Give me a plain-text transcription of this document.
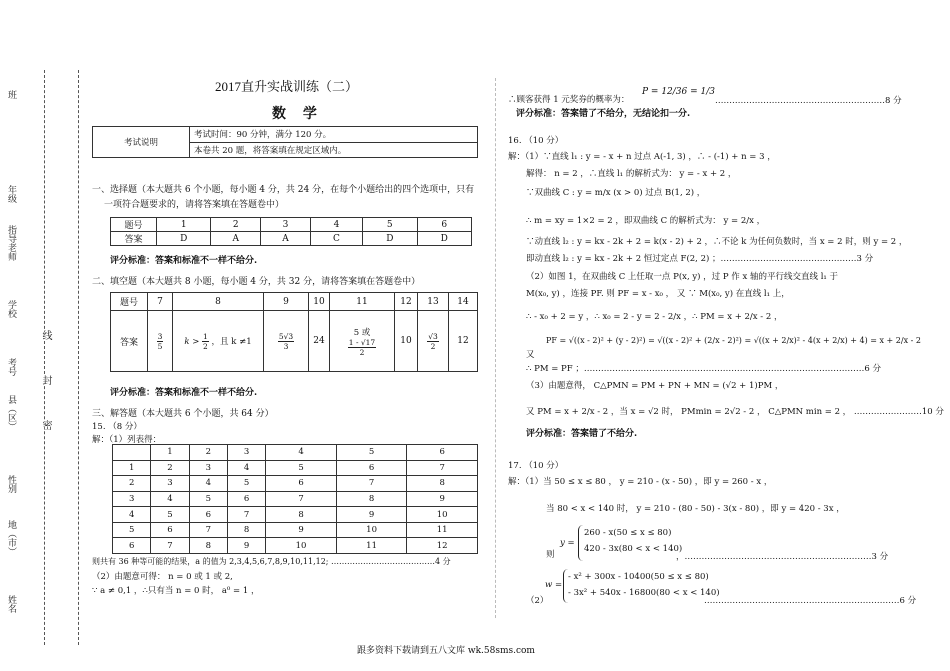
班
年级
指导老师
学校
考号
县（区）
性别
地（市）
姓名
线
封
密
2017直升实战训练（二）
数 学
考试说明	考试时间：90 分钟，满分 120 分。
本卷共 20 题，将答案填在规定区域内。
一、选择题（本大题共 6 个小题，每小题 4 分，共 24 分，在每个小题给出的四个选项中，只有
一项符合题要求的，请将答案填在答题卷中）
题号	1	2	3	4	5	6
答案	D	A	A	C	D	D
评分标准：答案和标准不一样不给分.
二、填空题（本大题共 8 小题，每小题 4 分，共 32 分，请将答案填在答题卷中）
题号	7	8	9	10	11	12	13	14
答案	$\frac{3}{5}$	$k > \frac{1}{2}$ ，且 k ≠1	$\frac{5√3}{3}$	24	5 或
$\frac{1 - √17}{2}$	10	$\frac{√3}{2}$	12
评分标准：答案和标准不一样不给分.
三、解答题（本大题共 6 个小题，共 64 分）
15. （8 分）
解：（1）列表得：
	1	2	3	4	5	6
1	2	3	4	5	6	7
2	3	4	5	6	7	8
3	4	5	6	7	8	9
4	5	6	7	8	9	10
5	6	7	8	9	10	11
6	7	8	9	10	11	12
则共有 36 种等可能的结果，a 的值为 2,3,4,5,6,7,8,9,10,11,12; …………………………………4 分
（2）由题意可得： n = 0 或 1 或 2,
∵ a ≠ 0,1 ，∴只有当 n = 0 时， a⁰ = 1 ，
∴顾客获得 1 元奖券的概率为：
P = 12/36 = 1/3
……………………………………………………8 分
评分标准：答案错了不给分，无结论扣一分.
16. （10 分）
解：（1）∵直线 l₁ : y = - x + n 过点 A(-1, 3) ，∴ - (-1) + n = 3 ，
解得： n = 2 ，∴直线 l₁ 的解析式为： y = - x + 2 ，
∵双曲线 C : y = m/x (x > 0) 过点 B(1, 2) ，
∴ m = xy = 1×2 = 2 ，即双曲线 C 的解析式为： y = 2/x ，
∵动直线 l₂ : y = kx - 2k + 2 = k(x - 2) + 2 ，∴不论 k 为任何负数时，当 x = 2 时，则 y = 2 ，
即动直线 l₂ : y = kx - 2k + 2 恒过定点 F(2, 2) ；…………………………………………3 分
（2）如图 1，在双曲线 C 上任取一点 P(x, y) ，过 P 作 x 轴的平行线交直线 l₁ 于
M(x₀, y) ，连接 PF. 则 PF = x - x₀ ， 又 ∵ M(x₀, y) 在直线 l₁ 上，
∴ - x₀ + 2 = y ，∴ x₀ = 2 - y = 2 - 2/x ，∴ PM = x + 2/x - 2 ，
PF = √((x - 2)² + (y - 2)²) = √((x - 2)² + (2/x - 2)²) = √((x + 2/x)² - 4(x + 2/x) + 4) = x + 2/x - 2
又
∴ PM = PF ；………………………………………………………………………………………6 分
（3）由题意得， C△PMN = PM + PN + MN = (√2 + 1)PM ，
又 PM = x + 2/x - 2 ，当 x = √2 时， PMmin = 2√2 - 2 ， C△PMN min = 2 ， ……………………10 分
评分标准：答案错了不给分.
17. （10 分）
解：（1）当 50 ≤ x ≤ 80 ， y = 210 - (x - 50) ，即 y = 260 - x ，
当 80 < x < 140 时， y = 210 - (80 - 50) - 3(x - 80) ，即 y = 420 - 3x ，
则
y =
260 - x(50 ≤ x ≤ 80)
420 - 3x(80 < x < 140)
，…………………………………………………………3 分
（2）
w =
- x² + 300x - 10400(50 ≤ x ≤ 80)
- 3x² + 540x - 16800(80 < x < 140)
……………………………………………………………6 分
跟多资料下载请到五八文库 wk.58sms.com
